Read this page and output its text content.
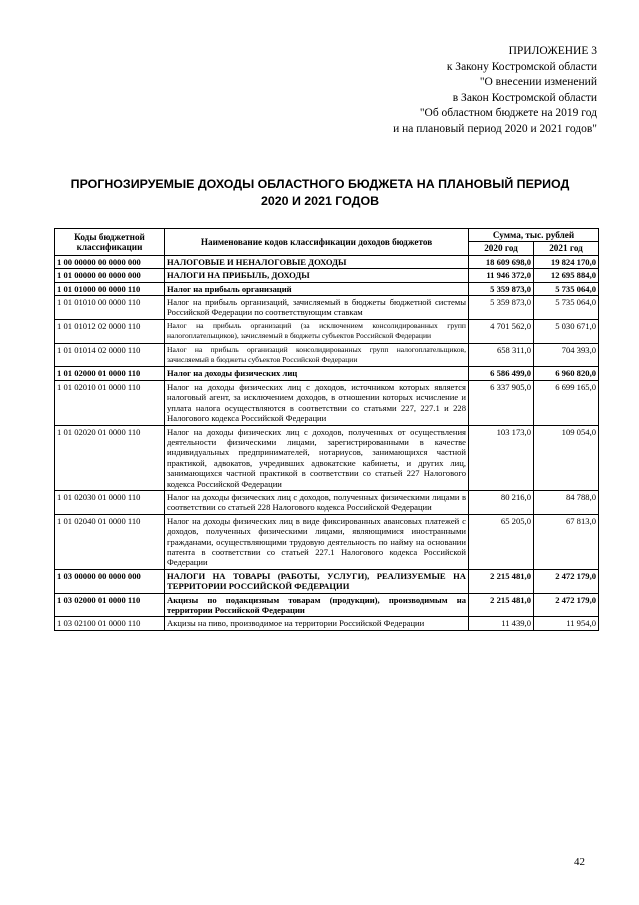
ПРИЛОЖЕНИЕ 3
к Закону Костромской области
"О внесении изменений
в Закон Костромской области
"Об областном бюджете на 2019 год
и на плановый период 2020 и 2021 годов"
ПРОГНОЗИРУЕМЫЕ ДОХОДЫ ОБЛАСТНОГО БЮДЖЕТА НА ПЛАНОВЫЙ ПЕРИОД
2020 И 2021 ГОДОВ
Коды бюджетной классификации	Наименование кодов классификации доходов бюджетов	Сумма, тыс. рублей	
		2020 год	2021 год
1 00 00000 00 0000 000	НАЛОГОВЫЕ И НЕНАЛОГОВЫЕ ДОХОДЫ	18 609 698,0	19 824 170,0
1 01 00000 00 0000 000	НАЛОГИ НА ПРИБЫЛЬ, ДОХОДЫ	11 946 372,0	12 695 884,0
1 01 01000 00 0000 110	Налог на прибыль организаций	5 359 873,0	5 735 064,0
1 01 01010 00 0000 110	Налог на прибыль организаций, зачисляемый в бюджеты бюджетной системы Российской Федерации по соответствующим ставкам	5 359 873,0	5 735 064,0
1 01 01012 02 0000 110	Налог на прибыль организаций (за исключением консолидированных групп налогоплательщиков), зачисляемый в бюджеты субъектов Российской Федерации	4 701 562,0	5 030 671,0
1 01 01014 02 0000 110	Налог на прибыль организаций консолидированных групп налогоплательщиков, зачисляемый в бюджеты субъектов Российской Федерации	658 311,0	704 393,0
1 01 02000 01 0000 110	Налог на доходы физических лиц	6 586 499,0	6 960 820,0
1 01 02010 01 0000 110	Налог на доходы физических лиц с доходов, источником которых является налоговый агент, за исключением доходов, в отношении которых исчисление и уплата налога осуществляются в соответствии со статьями 227, 227.1 и 228 Налогового кодекса Российской Федерации	6 337 905,0	6 699 165,0
1 01 02020 01 0000 110	Налог на доходы физических лиц с доходов, полученных от осуществления деятельности физическими лицами, зарегистрированными в качестве индивидуальных предпринимателей, нотариусов, занимающихся частной практикой, адвокатов, учредивших адвокатские кабинеты, и других лиц, занимающихся частной практикой в соответствии со статьей 227 Налогового кодекса Российской Федерации	103 173,0	109 054,0
1 01 02030 01 0000 110	Налог на доходы физических лиц с доходов, полученных физическими лицами в соответствии со статьей 228 Налогового кодекса Российской Федерации	80 216,0	84 788,0
1 01 02040 01 0000 110	Налог на доходы физических лиц в виде фиксированных авансовых платежей с доходов, полученных физическими лицами, являющимися иностранными гражданами, осуществляющими трудовую деятельность по найму на основании патента в соответствии со статьей 227.1 Налогового кодекса Российской Федерации	65 205,0	67 813,0
1 03 00000 00 0000 000	НАЛОГИ НА ТОВАРЫ (РАБОТЫ, УСЛУГИ), РЕАЛИЗУЕМЫЕ НА ТЕРРИТОРИИ РОССИЙСКОЙ ФЕДЕРАЦИИ	2 215 481,0	2 472 179,0
1 03 02000 01 0000 110	Акцизы по подакцизным товарам (продукции), производимым на территории Российской Федерации	2 215 481,0	2 472 179,0
1 03 02100 01 0000 110	Акцизы на пиво, производимое на территории Российской Федерации	11 439,0	11 954,0
42
